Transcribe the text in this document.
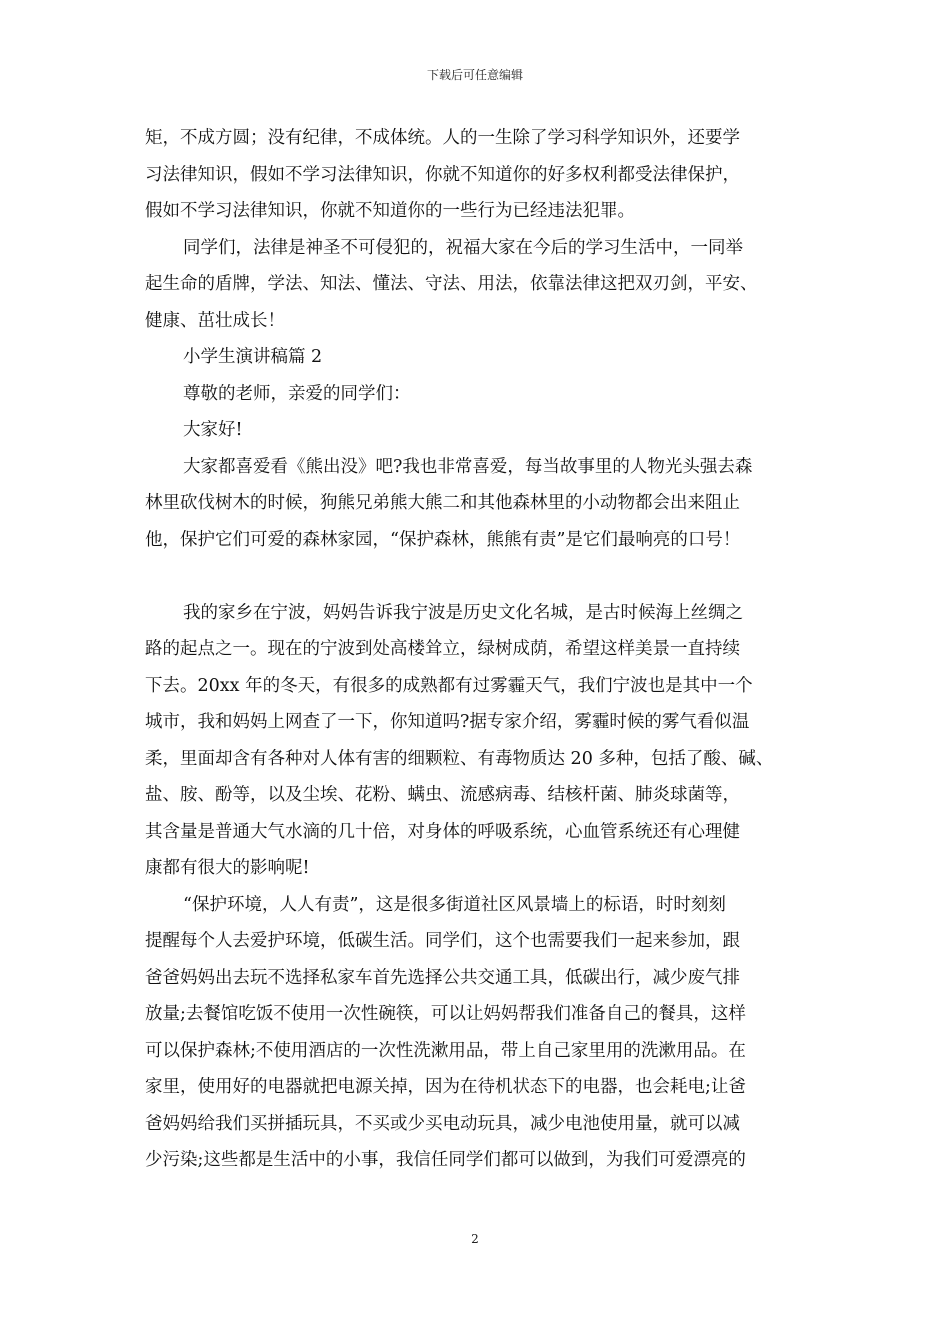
下载后可任意编辑
矩，不成方圆；没有纪律，不成体统。人的一生除了学习科学知识外，还要学
习法律知识，假如不学习法律知识，你就不知道你的好多权利都受法律保护，
假如不学习法律知识，你就不知道你的一些行为已经违法犯罪。
同学们，法律是神圣不可侵犯的，祝福大家在今后的学习生活中，一同举
起生命的盾牌，学法、知法、懂法、守法、用法，依靠法律这把双刃剑，平安、
健康、茁壮成长！
小学生演讲稿篇 2
尊敬的老师，亲爱的同学们：
大家好!
大家都喜爱看《熊出没》吧?我也非常喜爱，每当故事里的人物光头强去森
林里砍伐树木的时候，狗熊兄弟熊大熊二和其他森林里的小动物都会出来阻止
他，保护它们可爱的森林家园，“保护森林，熊熊有责”是它们最响亮的口号！
我的家乡在宁波，妈妈告诉我宁波是历史文化名城，是古时候海上丝绸之
路的起点之一。现在的宁波到处高楼耸立，绿树成荫，希望这样美景一直持续
下去。20xx 年的冬天，有很多的成熟都有过雾霾天气，我们宁波也是其中一个
城市，我和妈妈上网查了一下，你知道吗?据专家介绍，雾霾时候的雾气看似温
柔，里面却含有各种对人体有害的细颗粒、有毒物质达 20 多种，包括了酸、碱、
盐、胺、酚等，以及尘埃、花粉、螨虫、流感病毒、结核杆菌、肺炎球菌等，
其含量是普通大气水滴的几十倍，对身体的呼吸系统，心血管系统还有心理健
康都有很大的影响呢!
“保护环境，人人有责”，这是很多街道社区风景墙上的标语，时时刻刻
提醒每个人去爱护环境，低碳生活。同学们，这个也需要我们一起来参加，跟
爸爸妈妈出去玩不选择私家车首先选择公共交通工具，低碳出行，减少废气排
放量;去餐馆吃饭不使用一次性碗筷，可以让妈妈帮我们准备自己的餐具，这样
可以保护森林;不使用酒店的一次性洗漱用品，带上自己家里用的洗漱用品。在
家里，使用好的电器就把电源关掉，因为在待机状态下的电器，也会耗电;让爸
爸妈妈给我们买拼插玩具，不买或少买电动玩具，减少电池使用量，就可以减
少污染;这些都是生活中的小事，我信任同学们都可以做到，为我们可爱漂亮的
2
